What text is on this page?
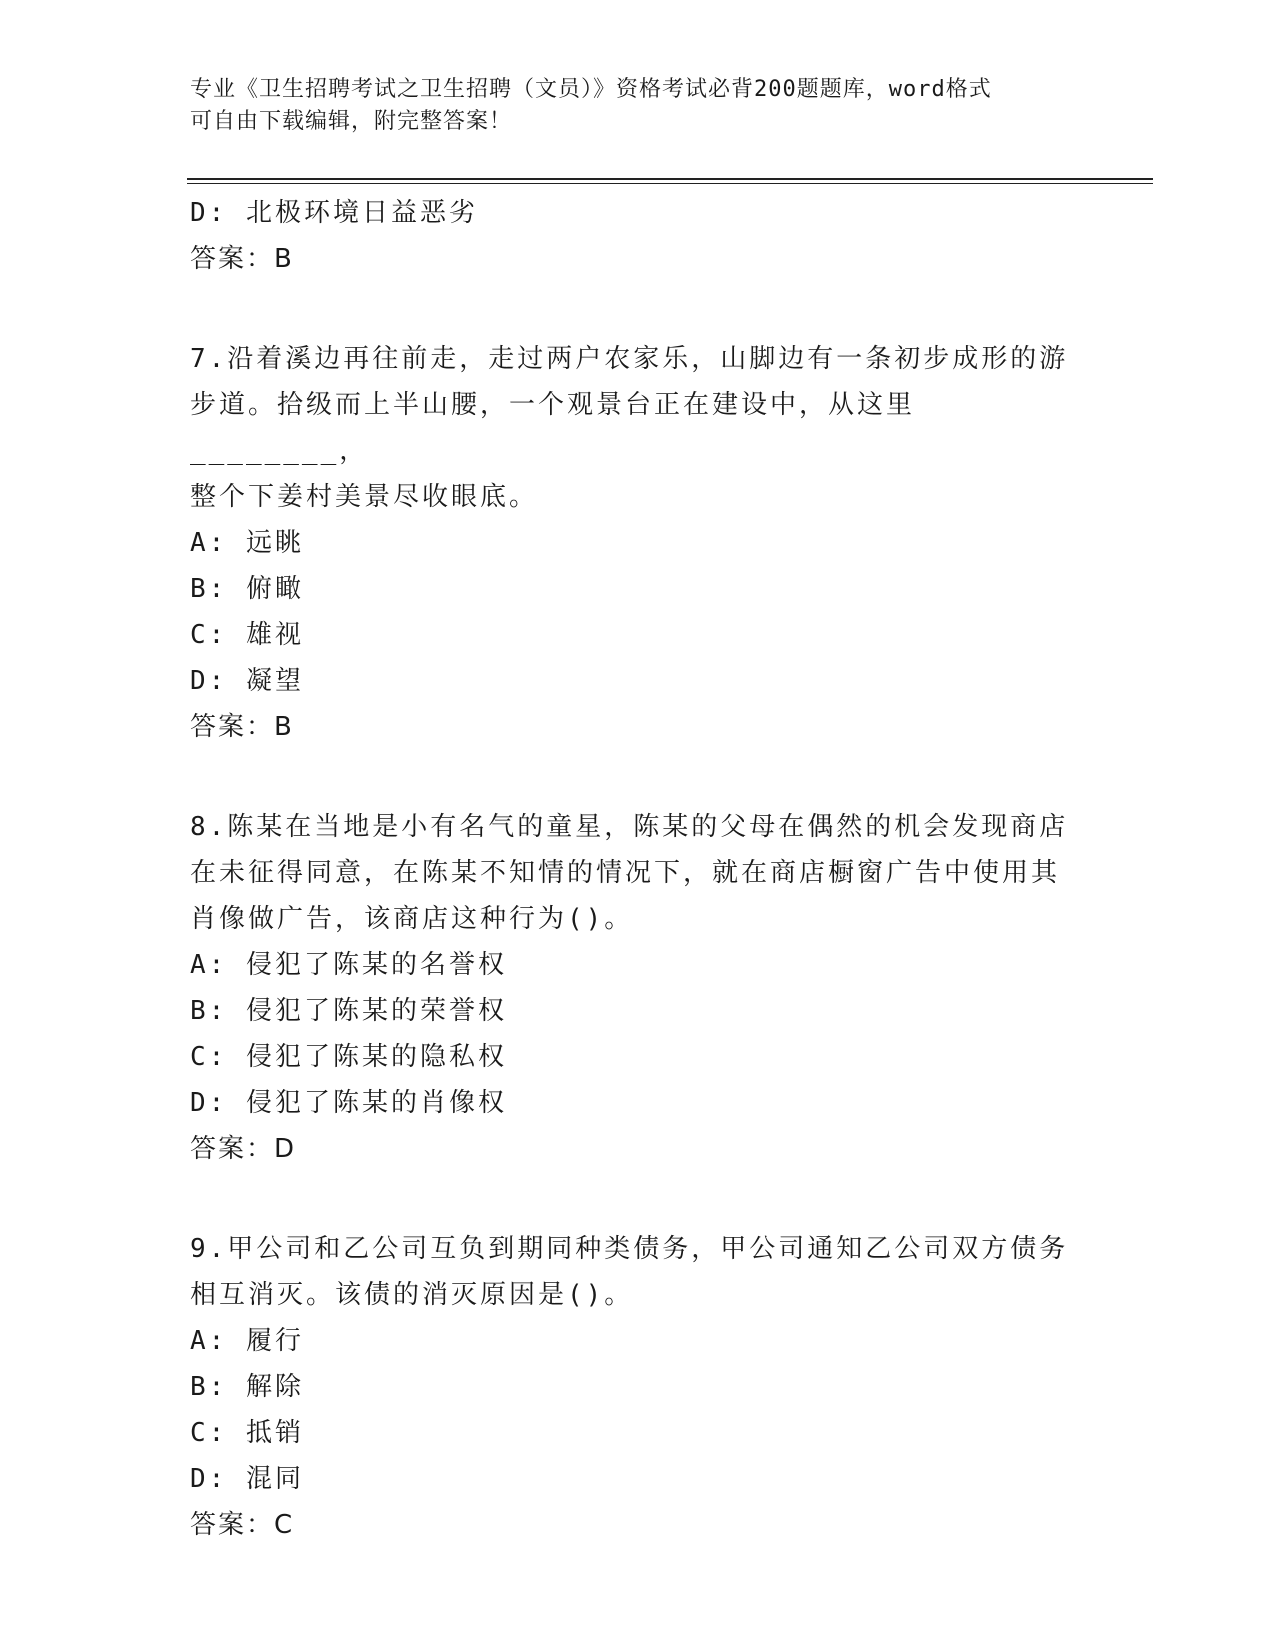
专业《卫生招聘考试之卫生招聘（文员）》资格考试必背200题题库，word格式
可自由下载编辑，附完整答案！

D: 北极环境日益恶劣

答案：B

7.沿着溪边再往前走，走过两户农家乐，山脚边有一条初步成形的游

步道。拾级而上半山腰，一个观景台正在建设中，从这里________，

整个下姜村美景尽收眼底。

A: 远眺

B: 俯瞰

C: 雄视

D: 凝望

答案：B

8.陈某在当地是小有名气的童星，陈某的父母在偶然的机会发现商店

在未征得同意，在陈某不知情的情况下，就在商店橱窗广告中使用其

肖像做广告，该商店这种行为()。

A: 侵犯了陈某的名誉权

B: 侵犯了陈某的荣誉权

C: 侵犯了陈某的隐私权

D: 侵犯了陈某的肖像权

答案：D

9.甲公司和乙公司互负到期同种类债务，甲公司通知乙公司双方债务

相互消灭。该债的消灭原因是()。

A: 履行

B: 解除

C: 抵销

D: 混同

答案：C
